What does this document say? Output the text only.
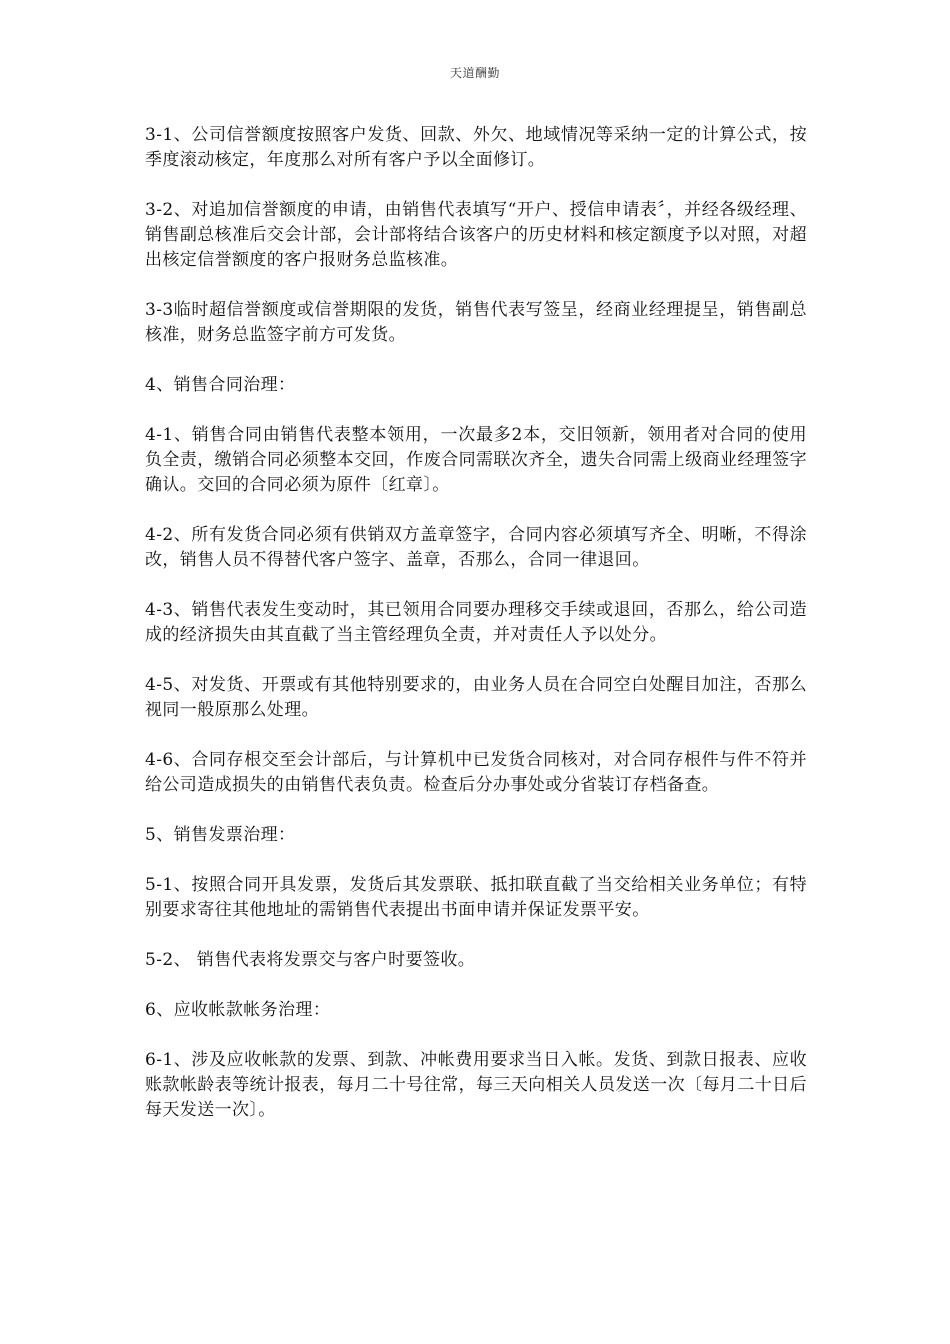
天道酬勤

3-1、公司信誉额度按照客户发货、回款、外欠、地域情况等采纳一定的计算公式，按季度滚动核定，年度那么对所有客户予以全面修订。

3-2、对追加信誉额度的申请，由销售代表填写“开户、授信申请表〞，并经各级经理、销售副总核准后交会计部，会计部将结合该客户的历史材料和核定额度予以对照，对超出核定信誉额度的客户报财务总监核准。

3-3临时超信誉额度或信誉期限的发货，销售代表写签呈，经商业经理提呈，销售副总核准，财务总监签字前方可发货。

4、销售合同治理：

4-1、销售合同由销售代表整本领用，一次最多2本，交旧领新，领用者对合同的使用负全责，缴销合同必须整本交回，作废合同需联次齐全，遗失合同需上级商业经理签字确认。交回的合同必须为原件〔红章〕。

4-2、所有发货合同必须有供销双方盖章签字，合同内容必须填写齐全、明晰，不得涂改，销售人员不得替代客户签字、盖章，否那么，合同一律退回。

4-3、销售代表发生变动时，其已领用合同要办理移交手续或退回，否那么，给公司造成的经济损失由其直截了当主管经理负全责，并对责任人予以处分。

4-5、对发货、开票或有其他特别要求的，由业务人员在合同空白处醒目加注，否那么视同一般原那么处理。

4-6、合同存根交至会计部后，与计算机中已发货合同核对，对合同存根件与件不符并给公司造成损失的由销售代表负责。检查后分办事处或分省装订存档备查。

5、销售发票治理：

5-1、按照合同开具发票，发货后其发票联、抵扣联直截了当交给相关业务单位；有特别要求寄往其他地址的需销售代表提出书面申请并保证发票平安。

5-2、 销售代表将发票交与客户时要签收。

6、应收帐款帐务治理：

6-1、涉及应收帐款的发票、到款、冲帐费用要求当日入帐。发货、到款日报表、应收账款帐龄表等统计报表，每月二十号往常，每三天向相关人员发送一次〔每月二十日后每天发送一次〕。
